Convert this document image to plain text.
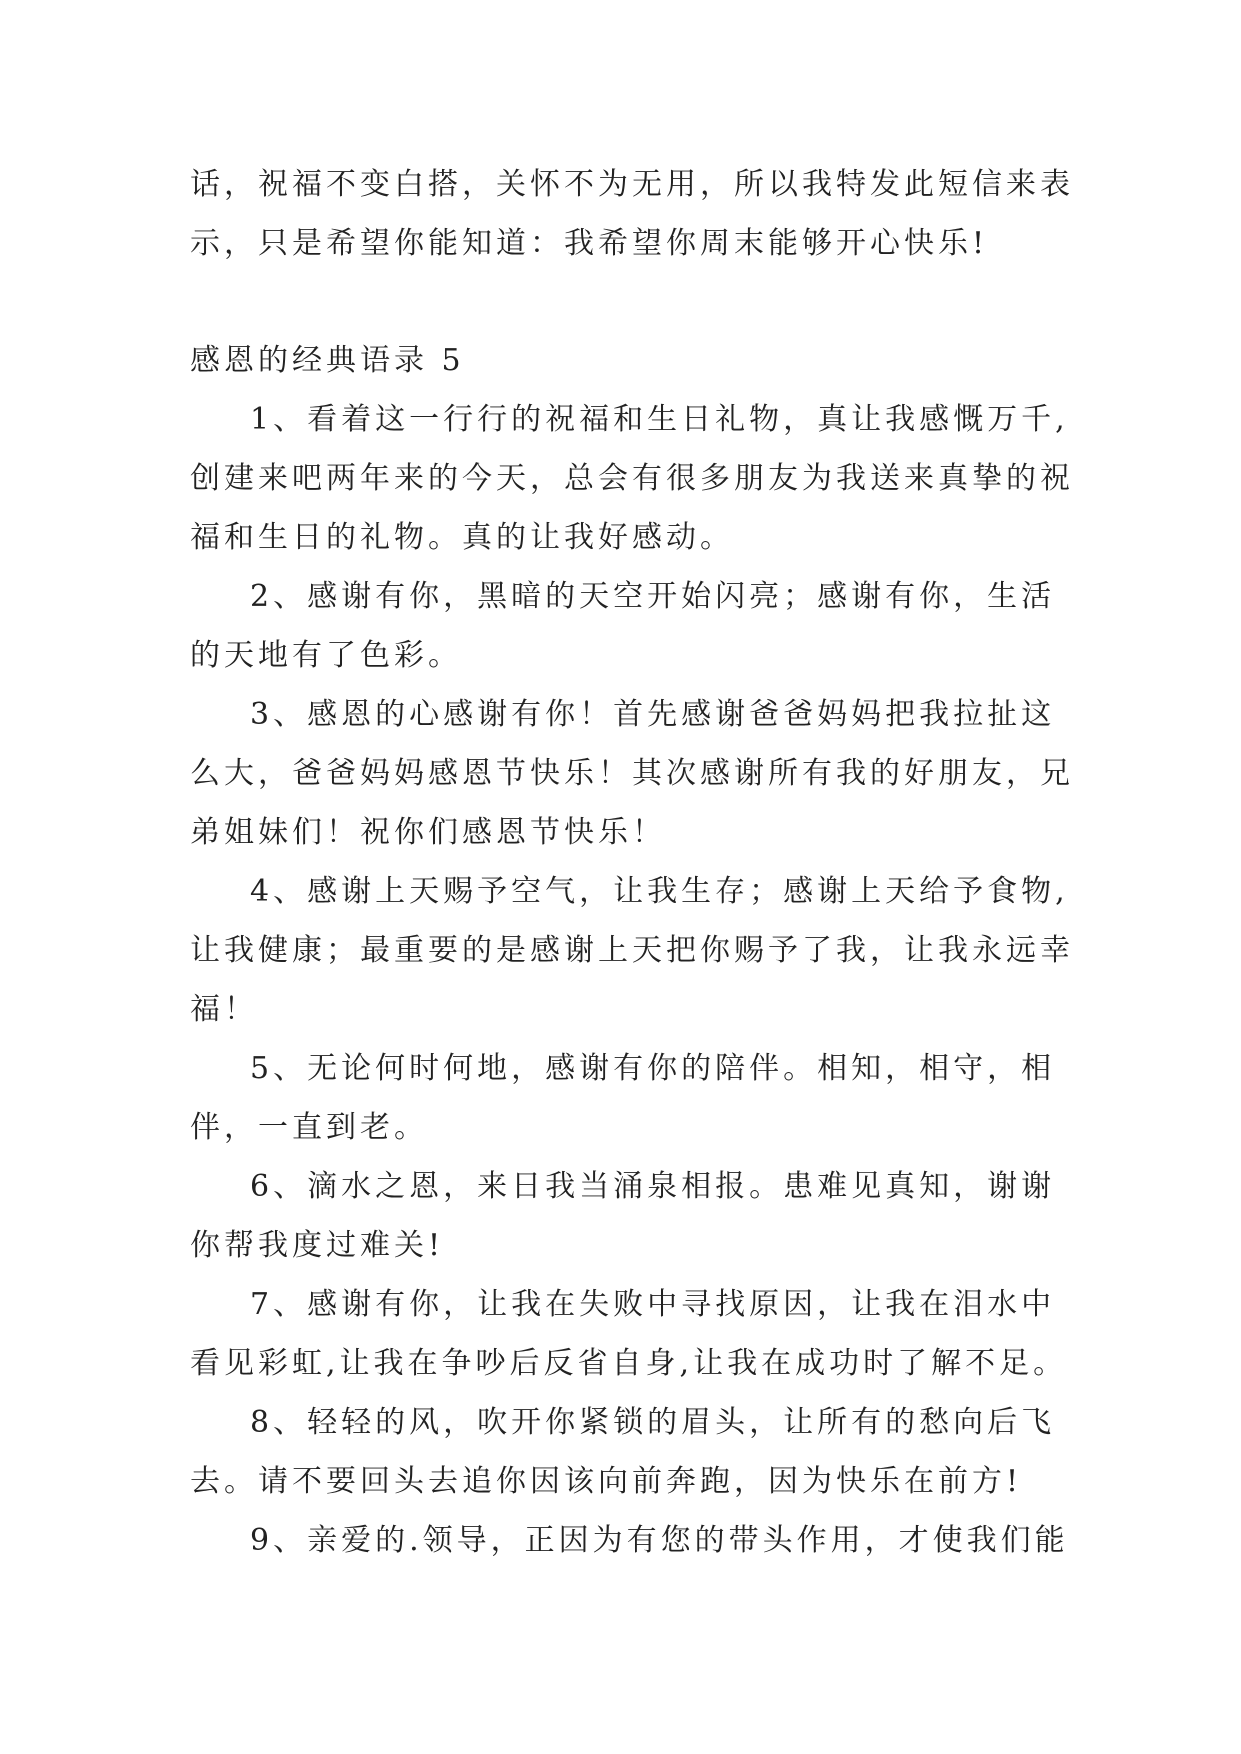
话，祝福不变白搭，关怀不为无用，所以我特发此短信来表
示，只是希望你能知道：我希望你周末能够开心快乐!
感恩的经典语录 5
1、看着这一行行的祝福和生日礼物，真让我感慨万千,
创建来吧两年来的今天，总会有很多朋友为我送来真挚的祝
福和生日的礼物。真的让我好感动。
2、感谢有你，黑暗的天空开始闪亮；感谢有你，生活
的天地有了色彩。
3、感恩的心感谢有你！首先感谢爸爸妈妈把我拉扯这
么大，爸爸妈妈感恩节快乐！其次感谢所有我的好朋友，兄
弟姐妹们！祝你们感恩节快乐！
4、感谢上天赐予空气，让我生存；感谢上天给予食物,
让我健康；最重要的是感谢上天把你赐予了我，让我永远幸
福！
5、无论何时何地，感谢有你的陪伴。相知，相守，相
伴，一直到老。
6、滴水之恩，来日我当涌泉相报。患难见真知，谢谢
你帮我度过难关!
7、感谢有你，让我在失败中寻找原因，让我在泪水中
看见彩虹,让我在争吵后反省自身,让我在成功时了解不足。
8、轻轻的风，吹开你紧锁的眉头，让所有的愁向后飞
去。请不要回头去追你因该向前奔跑，因为快乐在前方!
9、亲爱的.领导，正因为有您的带头作用，才使我们能
